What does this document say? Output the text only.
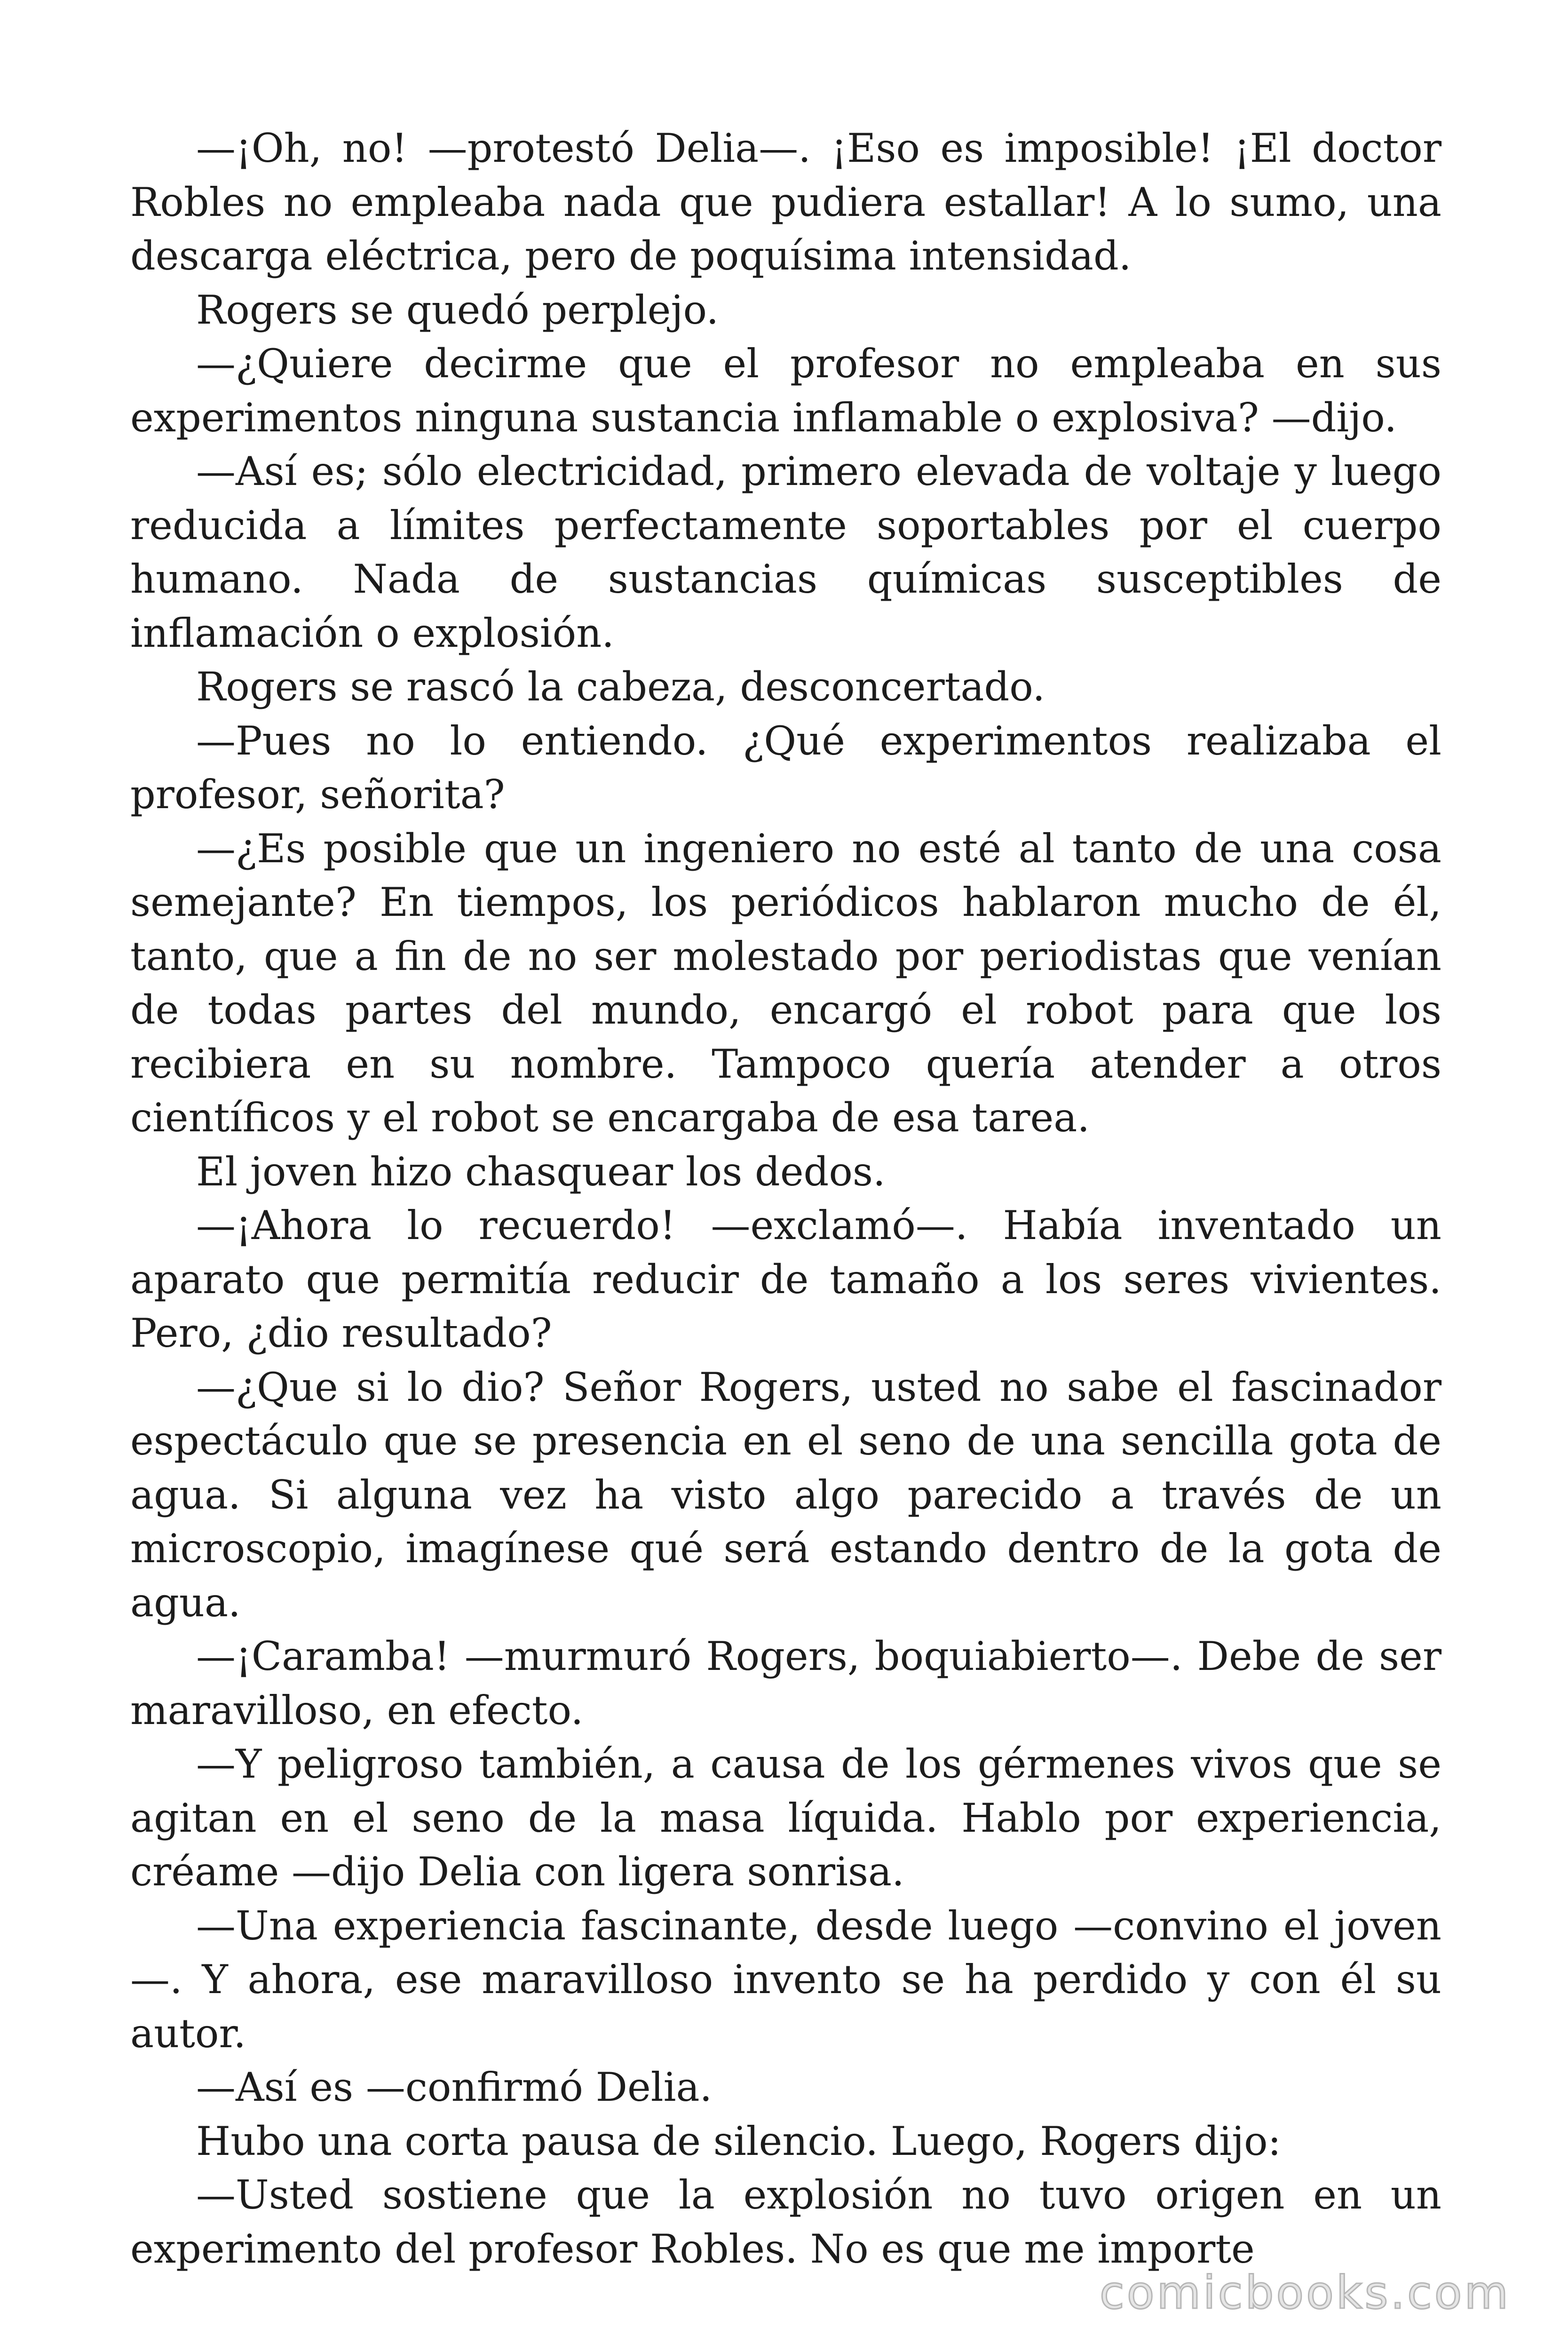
—¡Oh, no! —protestó Delia—. ¡Eso es imposible! ¡El doctor Robles no empleaba nada que pudiera estallar! A lo sumo, una descarga eléctrica, pero de poquísima intensidad.

Rogers se quedó perplejo.

—¿Quiere decirme que el profesor no empleaba en sus experimentos ninguna sustancia inflamable o explosiva? —dijo.

—Así es; sólo electricidad, primero elevada de voltaje y luego reducida a límites perfectamente soportables por el cuerpo humano. Nada de sustancias químicas susceptibles de inflamación o explosión.

Rogers se rascó la cabeza, desconcertado.

—Pues no lo entiendo. ¿Qué experimentos realizaba el profesor, señorita?

—¿Es posible que un ingeniero no esté al tanto de una cosa semejante? En tiempos, los periódicos hablaron mucho de él, tanto, que a fin de no ser molestado por periodistas que venían de todas partes del mundo, encargó el robot para que los recibiera en su nombre. Tampoco quería atender a otros científicos y el robot se encargaba de esa tarea.

El joven hizo chasquear los dedos.

—¡Ahora lo recuerdo! —exclamó—. Había inventado un aparato que permitía reducir de tamaño a los seres vivientes. Pero, ¿dio resultado?

—¿Que si lo dio? Señor Rogers, usted no sabe el fascinador espectáculo que se presencia en el seno de una sencilla gota de agua. Si alguna vez ha visto algo parecido a través de un microscopio, imagínese qué será estando dentro de la gota de agua.

—¡Caramba! —murmuró Rogers, boquiabierto—. Debe de ser maravilloso, en efecto.

—Y peligroso también, a causa de los gérmenes vivos que se agitan en el seno de la masa líquida. Hablo por experiencia, créame —dijo Delia con ligera sonrisa.

—Una experiencia fascinante, desde luego —convino el joven—. Y ahora, ese maravilloso invento se ha perdido y con él su autor.

—Así es —confirmó Delia.

Hubo una corta pausa de silencio. Luego, Rogers dijo:

—Usted sostiene que la explosión no tuvo origen en un experimento del profesor Robles. No es que me importe

comicbooks.com
